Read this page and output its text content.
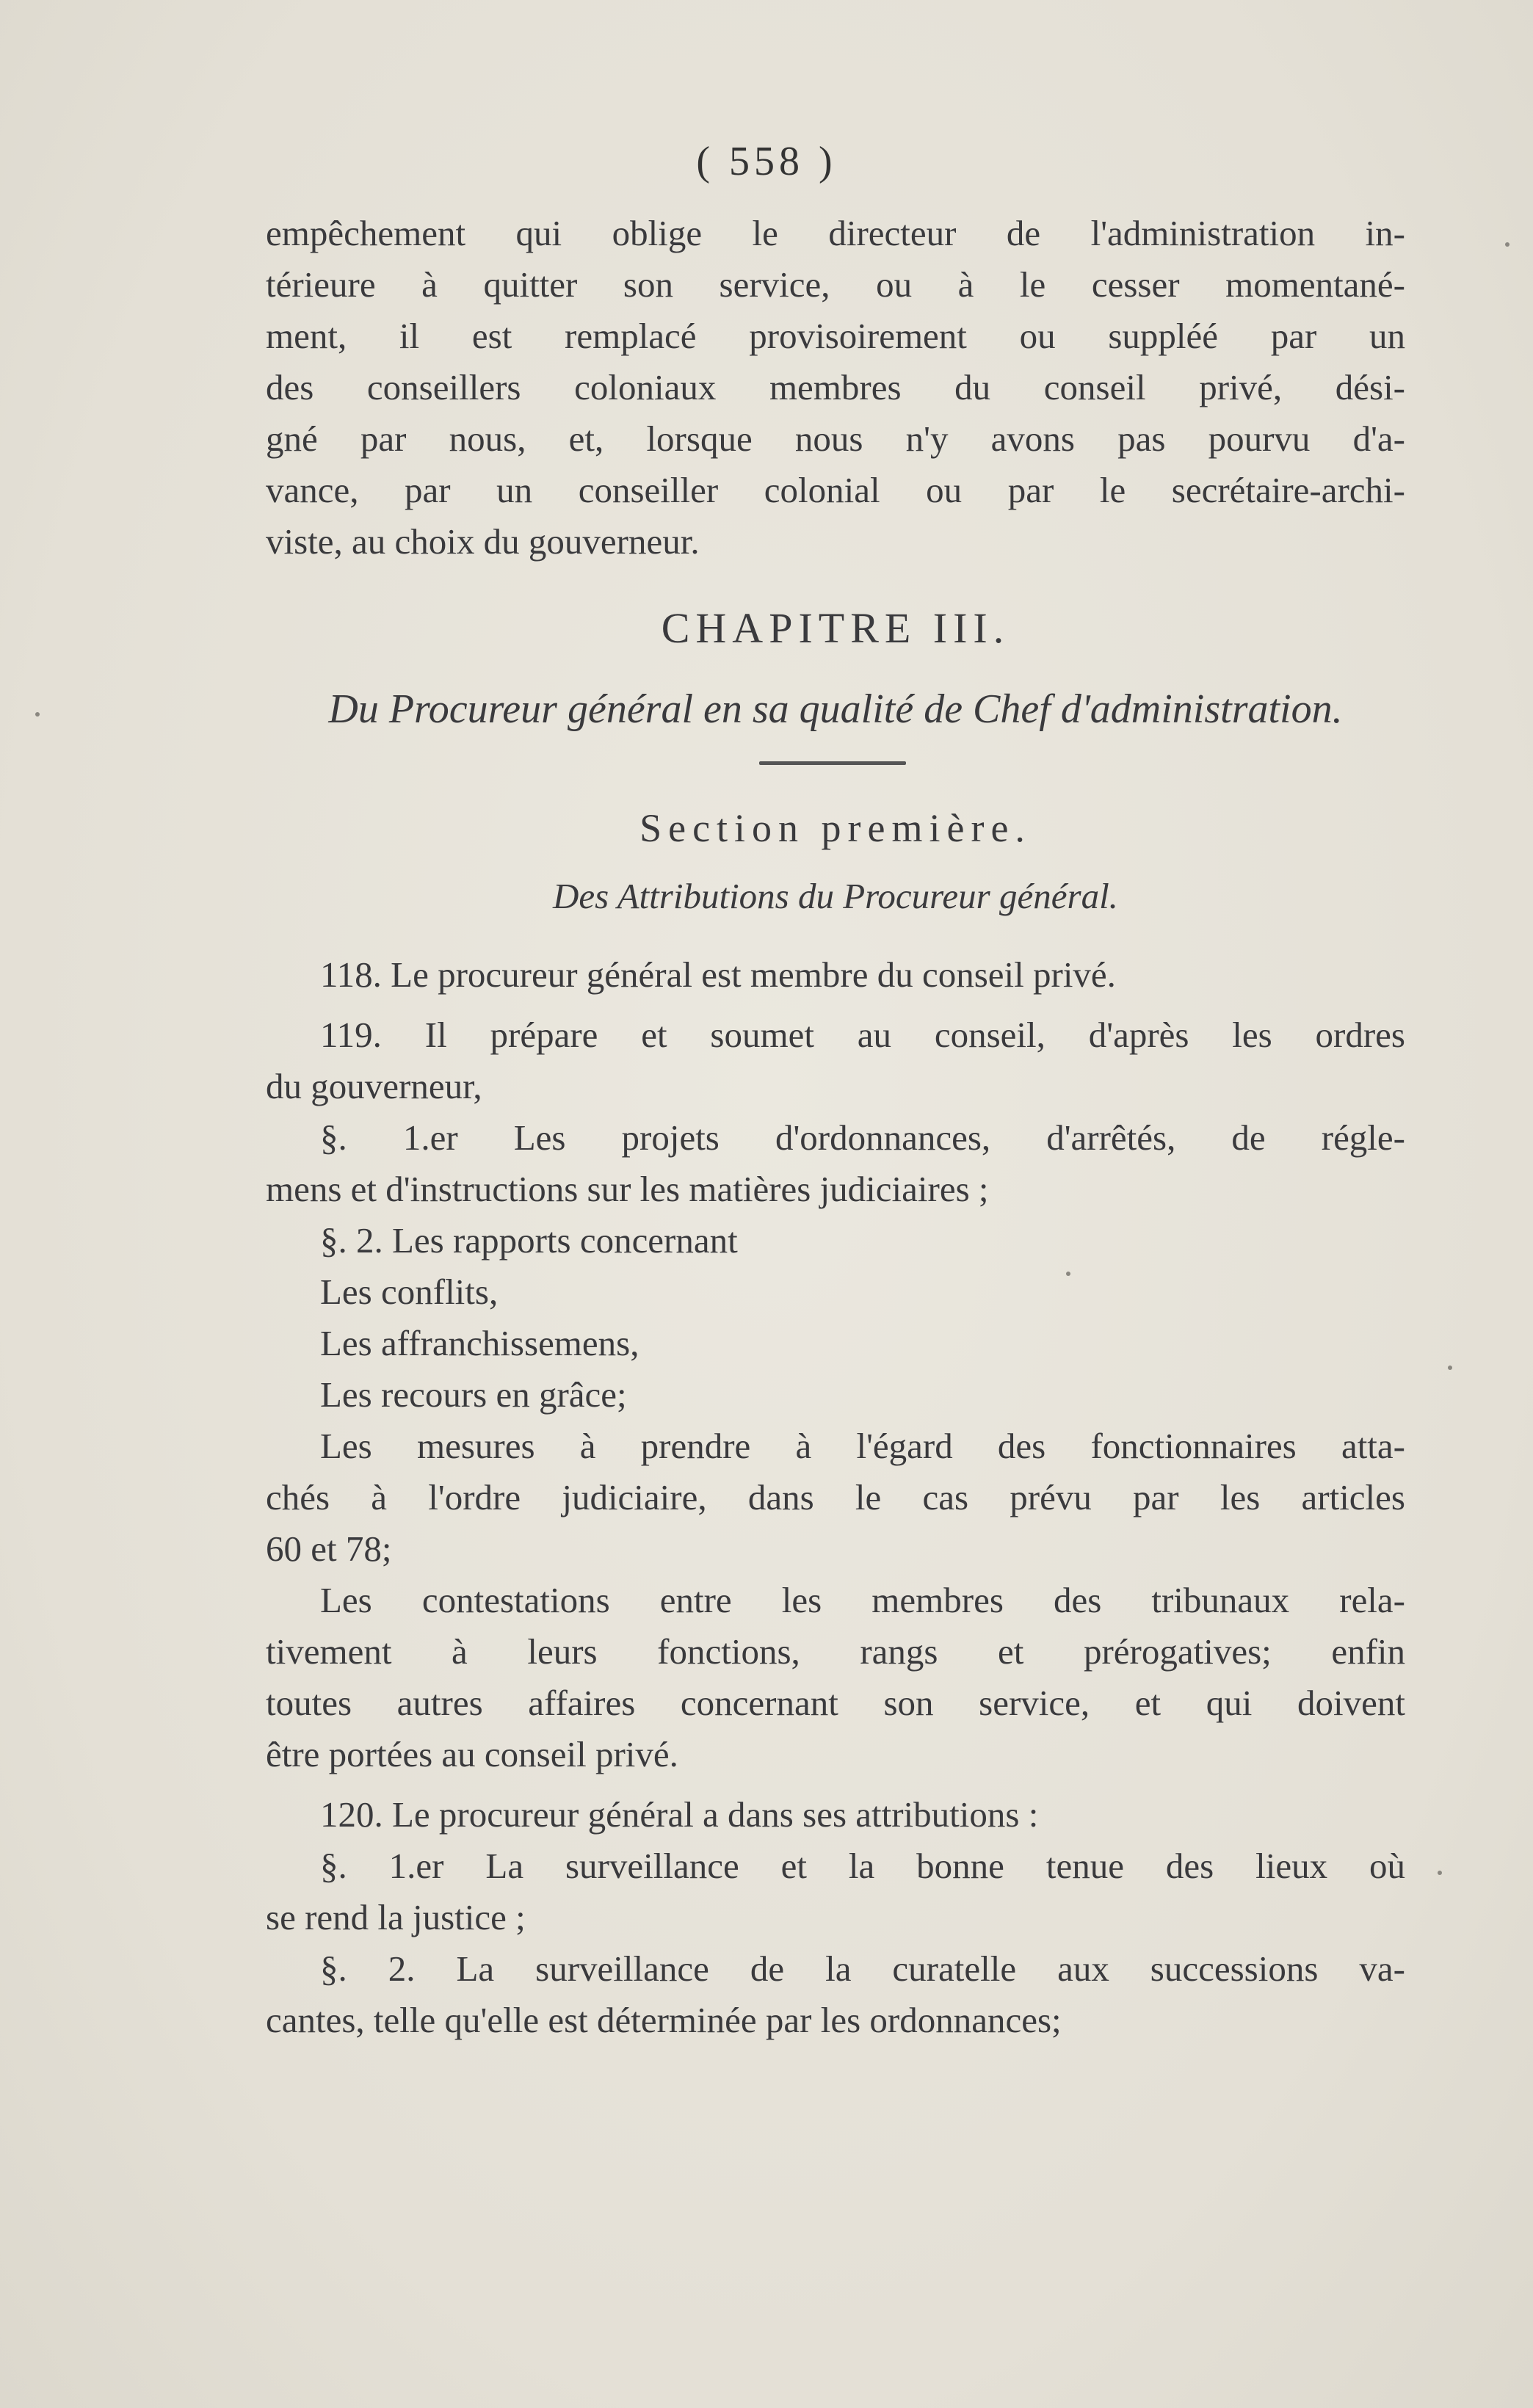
( 558 )
empêchement qui oblige le directeur de l'administration in-
térieure à quitter son service, ou à le cesser momentané-
ment, il est remplacé provisoirement ou suppléé par un
des conseillers coloniaux membres du conseil privé, dési-
gné par nous, et, lorsque nous n'y avons pas pourvu d'a-
vance, par un conseiller colonial ou par le secrétaire-archi-
viste, au choix du gouverneur.
CHAPITRE III.
Du Procureur général en sa qualité de Chef d'administration.
Section première.
Des Attributions du Procureur général.
118. Le procureur général est membre du conseil privé.
119. Il prépare et soumet au conseil, d'après les ordres
du gouverneur,
§. 1.er Les projets d'ordonnances, d'arrêtés, de régle-
mens et d'instructions sur les matières judiciaires ;
§. 2. Les rapports concernant
Les conflits,
Les affranchissemens,
Les recours en grâce;
Les mesures à prendre à l'égard des fonctionnaires atta-
chés à l'ordre judiciaire, dans le cas prévu par les articles
60 et 78;
Les contestations entre les membres des tribunaux rela-
tivement à leurs fonctions, rangs et prérogatives; enfin
toutes autres affaires concernant son service, et qui doivent
être portées au conseil privé.
120. Le procureur général a dans ses attributions :
§. 1.er La surveillance et la bonne tenue des lieux où
se rend la justice ;
§. 2. La surveillance de la curatelle aux successions va-
cantes, telle qu'elle est déterminée par les ordonnances;
